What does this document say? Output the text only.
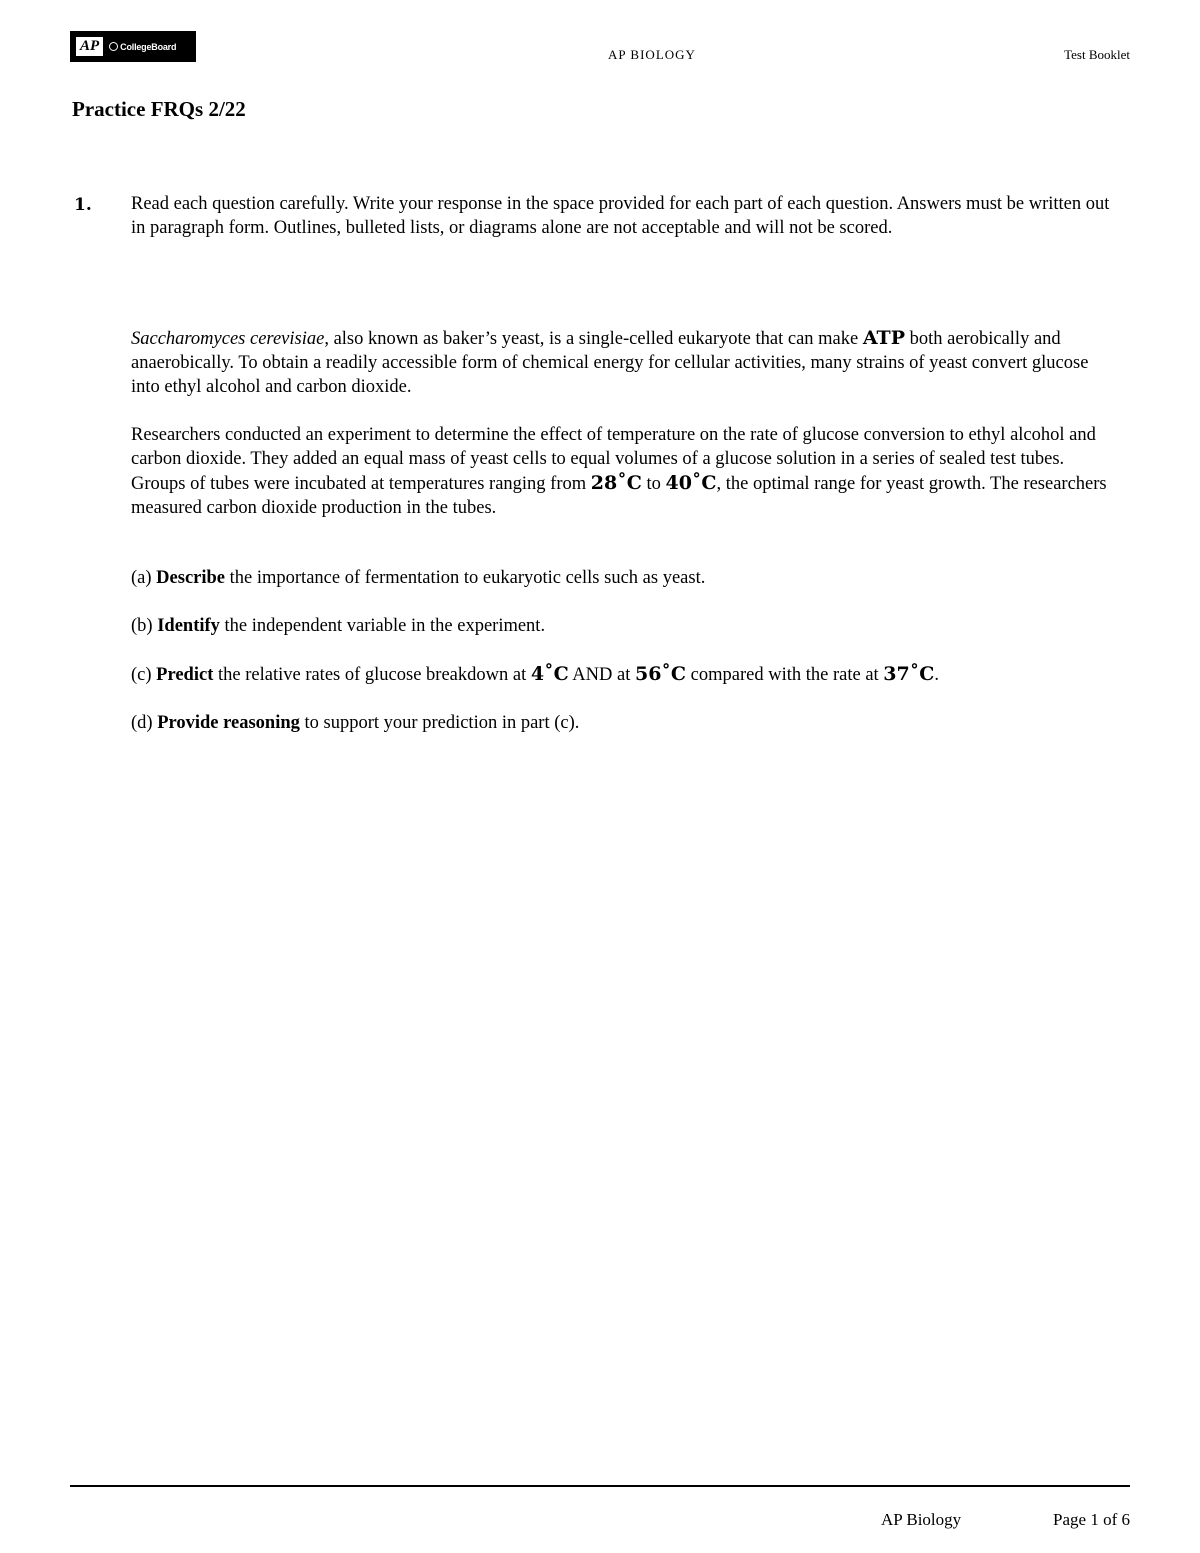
AP	CollegeBoard
AP BIOLOGY	Test Booklet
Practice FRQs 2/22
1. Read each question carefully. Write your response in the space provided for each part of each question. Answers must be written out in paragraph form. Outlines, bulleted lists, or diagrams alone are not acceptable and will not be scored.

Saccharomyces cerevisiae, also known as baker’s yeast, is a single-celled eukaryote that can make ATP both aerobically and anaerobically. To obtain a readily accessible form of chemical energy for cellular activities, many strains of yeast convert glucose into ethyl alcohol and carbon dioxide.

Researchers conducted an experiment to determine the effect of temperature on the rate of glucose conversion to ethyl alcohol and carbon dioxide. They added an equal mass of yeast cells to equal volumes of a glucose solution in a series of sealed test tubes. Groups of tubes were incubated at temperatures ranging from 28˚C to 40˚C, the optimal range for yeast growth. The researchers measured carbon dioxide production in the tubes.

(a) Describe the importance of fermentation to eukaryotic cells such as yeast.

(b) Identify the independent variable in the experiment.

(c) Predict the relative rates of glucose breakdown at 4˚C AND at 56˚C compared with the rate at 37˚C.

(d) Provide reasoning to support your prediction in part (c).

AP Biology	Page 1 of 6
